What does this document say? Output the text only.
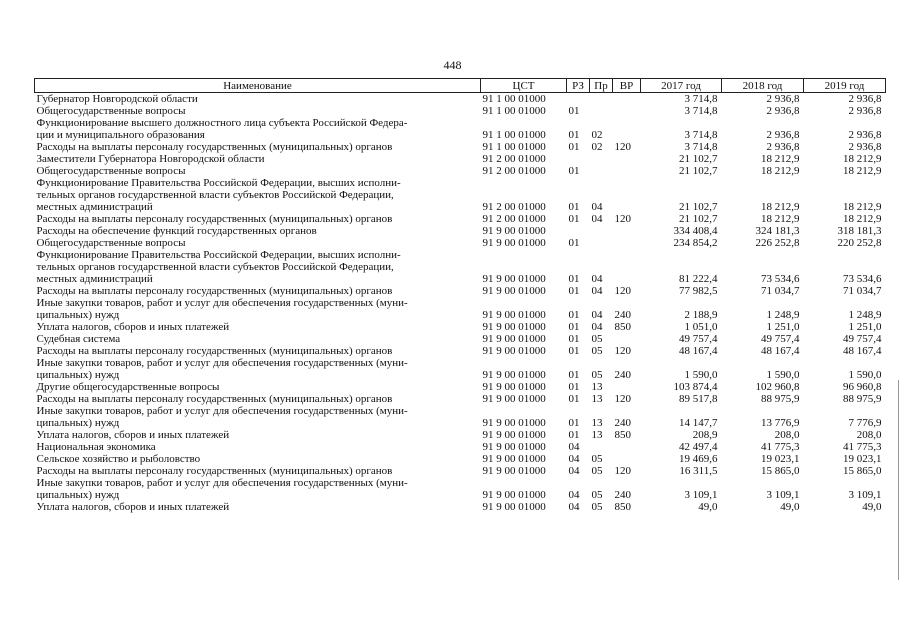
448
Наименование	ЦСТ	РЗ	Пр	ВР	2017 год	2018 год	2019 год
Губернатор Новгородской области	91 1 00 01000				3 714,8	2 936,8	2 936,8
Общегосударственные вопросы	91 1 00 01000	01			3 714,8	2 936,8	2 936,8
Функционирование высшего должностного лица субъекта Российской Федера-
ции и муниципального образования	91 1 00 01000	01	02		3 714,8	2 936,8	2 936,8
Расходы на выплаты персоналу государственных (муниципальных) органов	91 1 00 01000	01	02	120	3 714,8	2 936,8	2 936,8
Заместители Губернатора Новгородской области	91 2 00 01000				21 102,7	18 212,9	18 212,9
Общегосударственные вопросы	91 2 00 01000	01			21 102,7	18 212,9	18 212,9
Функционирование Правительства Российской Федерации, высших исполни-
тельных органов государственной власти субъектов Российской Федерации,
местных администраций	91 2 00 01000	01	04		21 102,7	18 212,9	18 212,9
Расходы на выплаты персоналу государственных (муниципальных) органов	91 2 00 01000	01	04	120	21 102,7	18 212,9	18 212,9
Расходы на обеспечение функций государственных органов	91 9 00 01000				334 408,4	324 181,3	318 181,3
Общегосударственные вопросы	91 9 00 01000	01			234 854,2	226 252,8	220 252,8
Функционирование Правительства Российской Федерации, высших исполни-
тельных органов государственной власти субъектов Российской Федерации,
местных администраций	91 9 00 01000	01	04		81 222,4	73 534,6	73 534,6
Расходы на выплаты персоналу государственных (муниципальных) органов	91 9 00 01000	01	04	120	77 982,5	71 034,7	71 034,7
Иные закупки товаров, работ и услуг для обеспечения государственных (муни-
ципальных) нужд	91 9 00 01000	01	04	240	2 188,9	1 248,9	1 248,9
Уплата налогов, сборов и иных платежей	91 9 00 01000	01	04	850	1 051,0	1 251,0	1 251,0
Судебная система	91 9 00 01000	01	05		49 757,4	49 757,4	49 757,4
Расходы на выплаты персоналу государственных (муниципальных) органов	91 9 00 01000	01	05	120	48 167,4	48 167,4	48 167,4
Иные закупки товаров, работ и услуг для обеспечения государственных (муни-
ципальных) нужд	91 9 00 01000	01	05	240	1 590,0	1 590,0	1 590,0
Другие общегосударственные вопросы	91 9 00 01000	01	13		103 874,4	102 960,8	96 960,8
Расходы на выплаты персоналу государственных (муниципальных) органов	91 9 00 01000	01	13	120	89 517,8	88 975,9	88 975,9
Иные закупки товаров, работ и услуг для обеспечения государственных (муни-
ципальных) нужд	91 9 00 01000	01	13	240	14 147,7	13 776,9	7 776,9
Уплата налогов, сборов и иных платежей	91 9 00 01000	01	13	850	208,9	208,0	208,0
Национальная экономика	91 9 00 01000	04			42 497,4	41 775,3	41 775,3
Сельское хозяйство и рыболовство	91 9 00 01000	04	05		19 469,6	19 023,1	19 023,1
Расходы на выплаты персоналу государственных (муниципальных) органов	91 9 00 01000	04	05	120	16 311,5	15 865,0	15 865,0
Иные закупки товаров, работ и услуг для обеспечения государственных (муни-
ципальных) нужд	91 9 00 01000	04	05	240	3 109,1	3 109,1	3 109,1
Уплата налогов, сборов и иных платежей	91 9 00 01000	04	05	850	49,0	49,0	49,0
